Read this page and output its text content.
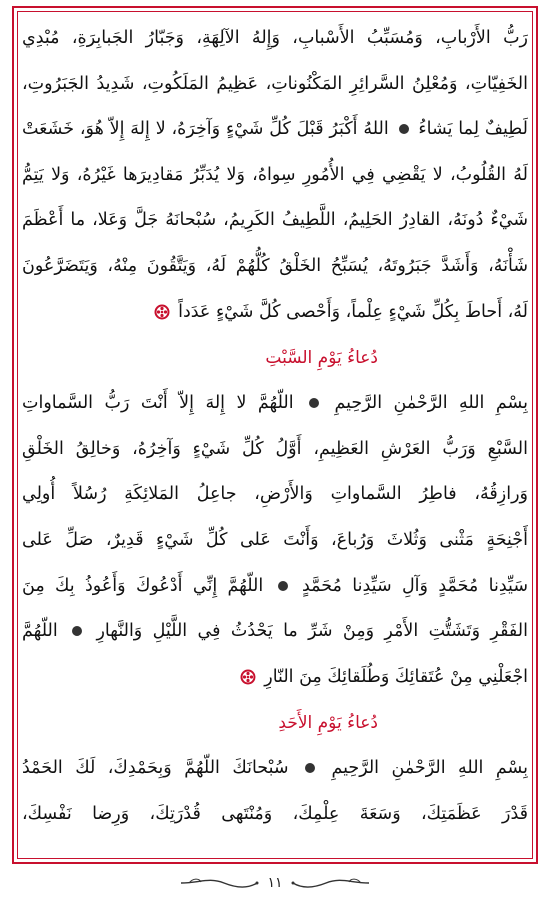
رَبُّ الأَرْبابِ، وَمُسَبِّبُ الأَسْبابِ، وَإِلهُ الآلِهَةِ، وَجَبّارُ الجَبابِرَةِ، مُبْدِي
الخَفِيّاتِ، وَمُعْلِنُ السَّرائِرِ المَكْنُوناتِ، عَظِيمُ المَلَكُوتِ، شَدِيدُ الجَبَرُوتِ،
لَطِيفٌ لِما يَشاءُ  اللهُ أَكْبَرُ قَبْلَ كُلِّ شَيْءٍ وَآخِرَهُ، لا إِلهَ إِلاّ هُوَ، خَشَعَتْ
لَهُ القُلُوبُ، لا يَقْضِي فِي الأُمُورِ سِواهُ، وَلا يُدَبِّرُ مَقادِيرَها غَيْرُهُ، وَلا يَتِمُّ
شَيْءٌ دُونَهُ، القادِرُ الحَلِيمُ، اللَّطِيفُ الكَرِيمُ، سُبْحانَهُ جَلَّ وَعَلا، ما أَعْظَمَ
شَأْنَهُ، وَأَشَدَّ جَبَرُوتَهُ، يُسَبِّحُ الخَلْقُ كُلُّهُمْ لَهُ، وَيَتَّقُونَ مِنْهُ، وَيَتَضَرَّعُونَ
لَهُ، أَحاطَ بِكُلِّ شَيْءٍ عِلْماً، وَأَحْصى كُلَّ شَيْءٍ عَدَداً
دُعاءُ يَوْمِ السَّبْتِ
بِسْمِ اللهِ الرَّحْمٰنِ الرَّحِيمِ  اللّهُمَّ لا إِلهَ إِلاّ أَنْتَ رَبُّ السَّماواتِ
السَّبْعِ وَرَبُّ العَرْشِ العَظِيمِ، أَوَّلُ كُلِّ شَيْءٍ وَآخِرُهُ، وَخالِقُ الخَلْقِ
وَرازِقُهُ، فاطِرُ السَّماواتِ وَالأَرْضِ، جاعِلُ المَلائِكَةِ رُسُلاً أُولِي
أَجْنِحَةٍ مَثْنى وَثُلاثَ وَرُباعَ، وَأَنْتَ عَلى كُلِّ شَيْءٍ قَدِيرٌ، صَلِّ عَلى
سَيِّدِنا مُحَمَّدٍ وَآلِ سَيِّدِنا مُحَمَّدٍ  اللّهُمَّ إِنِّي أَدْعُوكَ وَأَعُوذُ بِكَ مِنَ
الفَقْرِ وَتَشَتُّتِ الأَمْرِ وَمِنْ شَرِّ ما يَحْدُثُ فِي اللَّيْلِ وَالنَّهارِ  اللّهُمَّ
اجْعَلْنِي مِنْ عُتَقائِكَ وَطُلَقائِكَ مِنَ النّارِ
دُعاءُ يَوْمِ الأَحَدِ
بِسْمِ اللهِ الرَّحْمٰنِ الرَّحِيمِ  سُبْحانَكَ اللّهُمَّ وَبِحَمْدِكَ، لَكَ الحَمْدُ
قَدْرَ عَظَمَتِكَ، وَسَعَةَ عِلْمِكَ، وَمُنْتَهى قُدْرَتِكَ، وَرِضا نَفْسِكَ،
١١
